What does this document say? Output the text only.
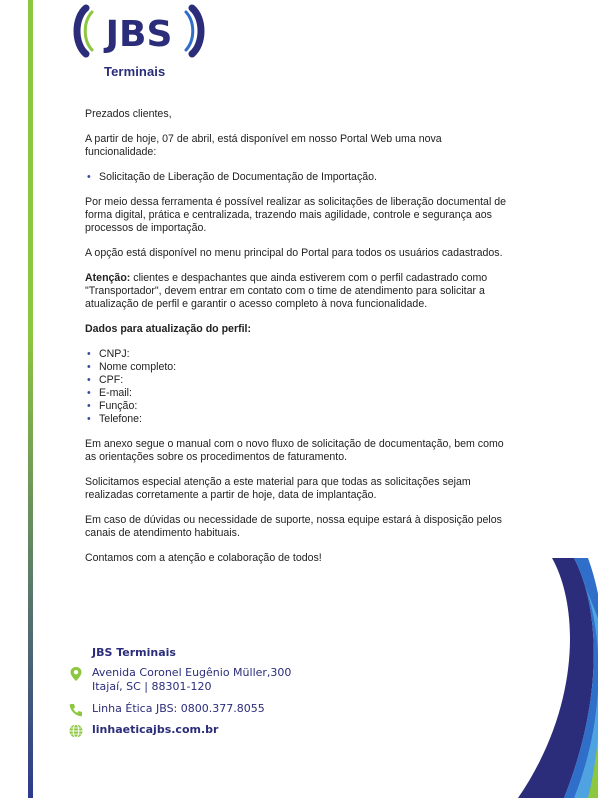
JBS
Terminais

Prezados clientes,

A partir de hoje, 07 de abril, está disponível em nosso Portal Web uma nova funcionalidade:

• Solicitação de Liberação de Documentação de Importação.

Por meio dessa ferramenta é possível realizar as solicitações de liberação documental de forma digital, prática e centralizada, trazendo mais agilidade, controle e segurança aos processos de importação.

A opção está disponível no menu principal do Portal para todos os usuários cadastrados.

Atenção: clientes e despachantes que ainda estiverem com o perfil cadastrado como "Transportador", devem entrar em contato com o time de atendimento para solicitar a atualização de perfil e garantir o acesso completo à nova funcionalidade.

Dados para atualização do perfil:
• CNPJ:
• Nome completo:
• CPF:
• E-mail:
• Função:
• Telefone:

Em anexo segue o manual com o novo fluxo de solicitação de documentação, bem como as orientações sobre os procedimentos de faturamento.

Solicitamos especial atenção a este material para que todas as solicitações sejam realizadas corretamente a partir de hoje, data de implantação.

Em caso de dúvidas ou necessidade de suporte, nossa equipe estará à disposição pelos canais de atendimento habituais.

Contamos com a atenção e colaboração de todos!

JBS Terminais
Avenida Coronel Eugênio Müller,300
Itajaí, SC | 88301-120
Linha Ética JBS: 0800.377.8055
linhaeticajbs.com.br
